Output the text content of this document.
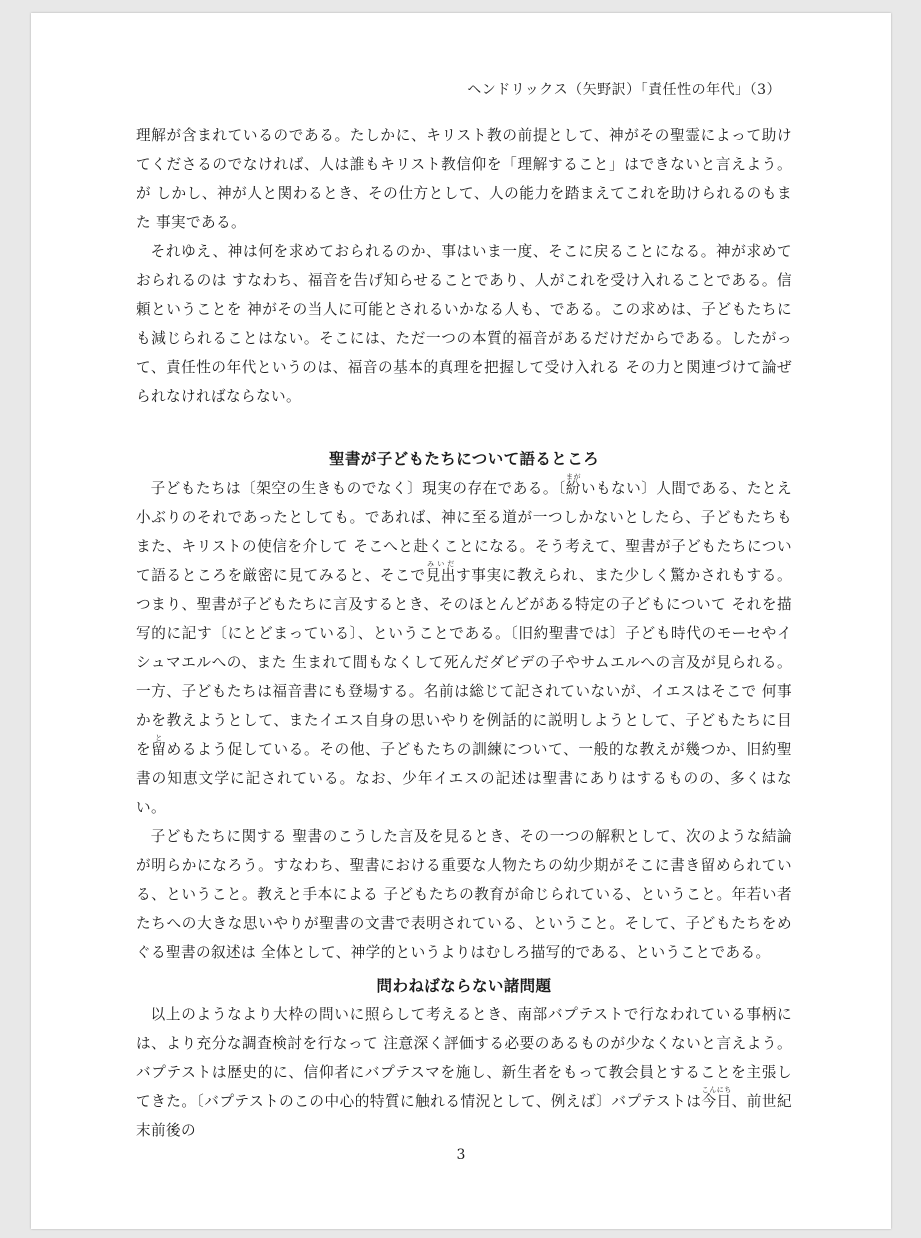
ヘンドリックス（矢野訳）「責任性の年代」（3）

理解が含まれているのである。たしかに、キリスト教の前提として、神がその聖霊によって助けてくださるのでなければ、人は誰もキリスト教信仰を「理解すること」はできないと言えよう。が しかし、神が人と関わるとき、その仕方として、人の能力を踏まえてこれを助けられるのもまた 事実である。

それゆえ、神は何を求めておられるのか、事はいま一度、そこに戻ることになる。神が求めておられるのは すなわち、福音を告げ知らせることであり、人がこれを受け入れることである。信頼ということを 神がその当人に可能とされるいかなる人も、である。この求めは、子どもたちにも減じられることはない。そこには、ただ一つの本質的福音があるだけだからである。したがって、責任性の年代というのは、福音の基本的真理を把握して受け入れる その力と関連づけて論ぜられなければならない。

聖書が子どもたちについて語るところ

子どもたちは〔架空の生きものでなく〕現実の存在である。〔紛まがいもない〕人間である、たとえ小ぶりのそれであったとしても。であれば、神に至る道が一つしかないとしたら、子どもたちもまた、キリストの使信を介して そこへと赴くことになる。そう考えて、聖書が子どもたちについて語るところを厳密に見てみると、そこで見出みいだす事実に教えられ、また少しく驚かされもする。つまり、聖書が子どもたちに言及するとき、そのほとんどがある特定の子どもについて それを描写的に記す〔にとどまっている〕、ということである。〔旧約聖書では〕子ども時代のモーセやイシュマエルへの、また 生まれて間もなくして死んだダビデの子やサムエルへの言及が見られる。一方、子どもたちは福音書にも登場する。名前は総じて記されていないが、イエスはそこで 何事かを教えようとして、またイエス自身の思いやりを例話的に説明しようとして、子どもたちに目を留とめるよう促している。その他、子どもたちの訓練について、一般的な教えが幾つか、旧約聖書の知恵文学に記されている。なお、少年イエスの記述は聖書にありはするものの、多くはない。

子どもたちに関する 聖書のこうした言及を見るとき、その一つの解釈として、次のような結論が明らかになろう。すなわち、聖書における重要な人物たちの幼少期がそこに書き留められている、ということ。教えと手本による 子どもたちの教育が命じられている、ということ。年若い者たちへの大きな思いやりが聖書の文書で表明されている、ということ。そして、子どもたちをめぐる聖書の叙述は 全体として、神学的というよりはむしろ描写的である、ということである。

問わねばならない諸問題

以上のようなより大枠の問いに照らして考えるとき、南部バプテストで行なわれている事柄には、より充分な調査検討を行なって 注意深く評価する必要のあるものが少なくないと言えよう。バプテストは歴史的に、信仰者にバプテスマを施し、新生者をもって教会員とすることを主張してきた。〔バプテストのこの中心的特質に触れる情況として、例えば〕バプテストは今日こんにち、前世紀末前後の

3
